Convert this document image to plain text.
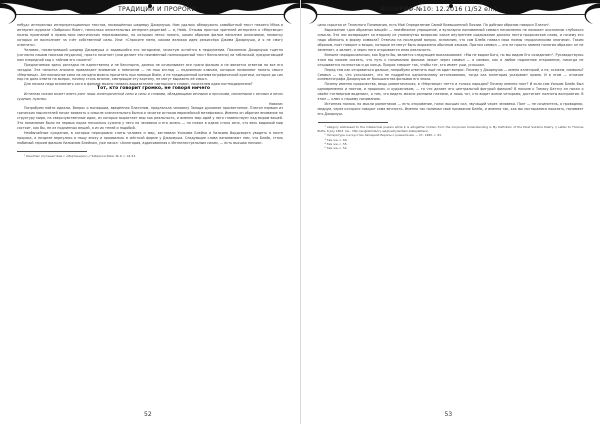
ТРАДИЦИИ И ПРОРОКИ

небуд» интересных интерпретационных текстов, посвящённых шедевру Джармуша. Нам удалось обнаружить самобытный текст некоего Mikos в интернет-журнале «Забриски Rider», несколько описательных интернет-рецензий — и, Hebb. Отзывы простых зрителей интернета о «Мертвеце» полны признаний в прямо-таки мистических переживаниях, по которым легко понять, каким образом фильм наполнен аллюзиями, нехватку которых он восполняет за счёт собственной силы. Или: «Спросите меня, какова великая идея режиссёра Джима Джармуша, и я не смогу ответить».

Человек, посмотревший шедевр Джармуша и задавшийся его загадками, зачастую остаётся в недоумении. Поклонник Джармуша тщетно (согласно нашим поискам неудачно), просто почитает (или делает это неизменный полноэкранный текст бесполезно) ли табличкой, предлагающей нам очередной код к тайнам его сюжета?

Предлагаемая здесь разгадка не единственна и не бесспорна, далеко не исчерпывает все грани фильма и не является ответом на все его загадки. Эта попытка анализа привлекает внимание к немногим — на наш взгляд — подлинным ключам, которые позволяют понять смысл «Мертвеца». Англоязычное кино на сегодня можно прочитать при помощи Blake, а не традиционной кинематографической критики, которое до сих пор не дало ответа на вопрос, почему столь многие, смотрящие эту картину, не могут выразить её смысл.

Для начала надо вспомнить кого в фильме можно назвать выразителем «авторского слова», носителем идеи постмодернизма?

Тот, кто говорит громко, не говоря ничего

Истинная поэзия может иметь ранг лишь аллегорической силы и силы и словами, обладающими вечными и прочными, связанными с вечным и вечно сущным, нужных.

Новалис

Попробуем найти идеалы. Вопрос о монаршии, введённая Платоном, предлагала человеку Запада духовное просветление. Платон первым из греческих мыслителей начал заявлять о смысле сознательного бытия и зачатке истоков европейской метафизики. Именно он обратил внимание на структуру мира, на сверхчувственные идеи, из которых вырастает мир как реальность, и именно мир идей у него главенствует над миром вещей. Это понимание было на первых порах несколько сужено у него на человека и его жизнь — но позже в идеях стало ясно, что весь видимый мир состоит, как бы, не из подлинных вещей, а из их теней и подобий.

Необычайные суждения, в которых неразрывно слиты человек и мир, заставили Уильяма Блейка и Уильяма Вордсворта увидеть в поэте пророка, а позднее вернулись в нашу эпоху и проявились в жёсткой форме у Джармуша. Следующие слова напоминают нам, что Блейк, столь любимый героем фильма Уильямом Блейком, уже писал: «Аллегория, адресованная к Интеллектуальным силам, — есть высшая поэзия».

¹ Deadman (путешествие с «Мертвецом») // Забриски Rider. № 9, с. 44-53.

52
АПОКРИФ-№10: 12.2016 (1/52 ел.)

цело скрытая от Телесного Понимания, есть Моё Определение Самой Возвышенной Поэзии. По добным образом говорил Платон¹.

Выражение «для образных вещей» — неизбежное упрощение, и вульгарно понимаемый символ несомненно не поможет осознанию глубокого смысла. Это нас возвращает ко второму из упомянутых вопросов: какое внутреннее содержание должно нести пророческое слово, и почему его надо облекать в форму символа? Отвечая на последний вопрос, вспомним, что сам Блейк назвал свои поэмы «пророческими книгами». Таким образом, поэт говорит о вещах, которые не могут быть выражены обычным языком. Притом символ — это не просто замена понятия образом: он не заменяет, а являет, и через него открывается иная реальность.

Внешне парадоксальным, как будто бы, является следующее высказывание: «Мы не видим Бога, но мы видим Его созидание»². Руководствуясь этим мы можем сказать, что путь к пониманию фильма лежит через символ — а символ, как и любое подлинное откровение, никогда не открывается полностью и до конца. Пророк говорит так, чтобы тот, кто имеет уши, услышал.

Перед тем как отправиться дальше, попробуем ответить ещё на один вопрос. Почему у Джармуша — имена аллегорий, а не, скажем, символы? Символ — то, что ускользает, что не поддаётся однозначному истолкованию, тогда как аллегория указывает прямо. И в этом — отличие кинематографа Джармуша от большинства фильмов его эпохи.

Почему именно пророчества, вещь романтическая, в «Мертвеце» нетто и только пародия? Почему именно поэт? И если сам Уильям Блейк был одновременно и поэтом, и пророком, и художником, — то что делает его центральной фигурой фильма? В письме к Томасу Баттсу он писал о своём «четверном видении», о том, что видеть можно разными глазами, и лишь тот, кто видит всеми четырьмя, достигает полноты восприятия. В этом — ключ к нашему пониманию.

Истинная поэзия, по мысли романтиков — есть откровение, голос высших сил, звучащий через человека. Поэт — не сочинитель, а проводник, медиум, через которого говорит сама вечность. Именно так понимал своё призвание Блейк, и именно так, как мы постараемся показать, понимает его Джармуш.

¹ Allegory addressed to the Intellectual powers while it is altogether hidden from the Corporeal Understanding is My Definition of the Most Sublime Poetry. // Letter to Thomas Butts, 6 July 1803. См.: http://englishhistory.net/poetry/william-blake/letters/

² Литература и искусство Западной Европы о романтизме. — М.: 1980, с. 63.

³ Там же, с. 60.

⁴ Там же, с. 55.

⁵ Там же, с. 52.

53
